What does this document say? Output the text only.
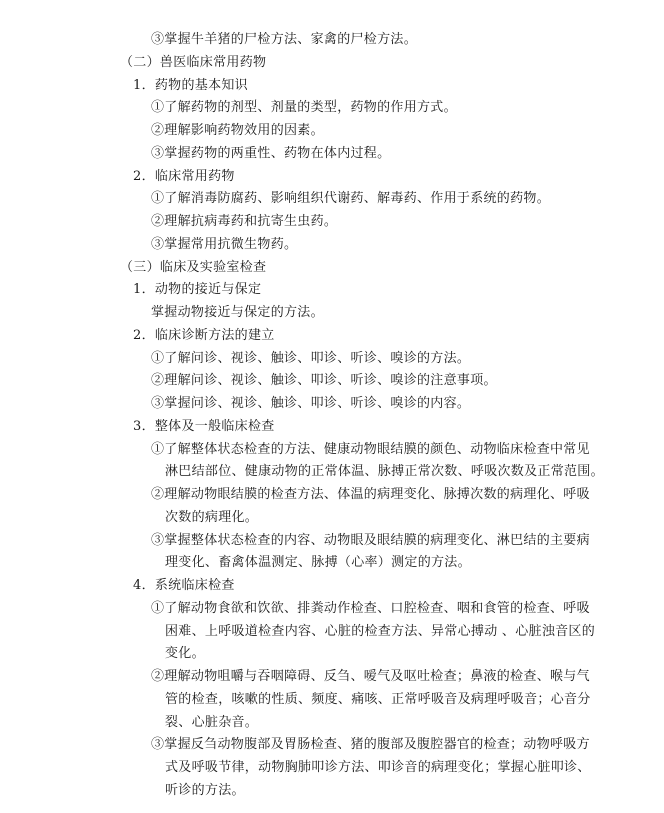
③掌握牛羊猪的尸检方法、家禽的尸检方法。
（二）兽医临床常用药物
1．药物的基本知识
①了解药物的剂型、剂量的类型，药物的作用方式。
②理解影响药物效用的因素。
③掌握药物的两重性、药物在体内过程。
2．临床常用药物
①了解消毒防腐药、影响组织代谢药、解毒药、作用于系统的药物。
②理解抗病毒药和抗寄生虫药。
③掌握常用抗微生物药。
（三）临床及实验室检查
1．动物的接近与保定
掌握动物接近与保定的方法。
2．临床诊断方法的建立
①了解问诊、视诊、触诊、叩诊、听诊、嗅诊的方法。
②理解问诊、视诊、触诊、叩诊、听诊、嗅诊的注意事项。
③掌握问诊、视诊、触诊、叩诊、听诊、嗅诊的内容。
3．整体及一般临床检查
①了解整体状态检查的方法、健康动物眼结膜的颜色、动物临床检查中常见
淋巴结部位、健康动物的正常体温、脉搏正常次数、呼吸次数及正常范围。
②理解动物眼结膜的检查方法、体温的病理变化、脉搏次数的病理化、呼吸
次数的病理化。
③掌握整体状态检查的内容、动物眼及眼结膜的病理变化、淋巴结的主要病
理变化、畜禽体温测定、脉搏（心率）测定的方法。
4．系统临床检查
①了解动物食欲和饮欲、排粪动作检查、口腔检查、咽和食管的检查、呼吸
困难、上呼吸道检查内容、心脏的检查方法、异常心搏动 、心脏浊音区的
变化。
②理解动物咀嚼与吞咽障碍、反刍、嗳气及呕吐检查；鼻液的检查、喉与气
管的检查，咳嗽的性质、频度、痛咳、正常呼吸音及病理呼吸音；心音分
裂、心脏杂音。
③掌握反刍动物腹部及胃肠检查、猪的腹部及腹腔器官的检查；动物呼吸方
式及呼吸节律，动物胸肺叩诊方法、叩诊音的病理变化；掌握心脏叩诊、
听诊的方法。
